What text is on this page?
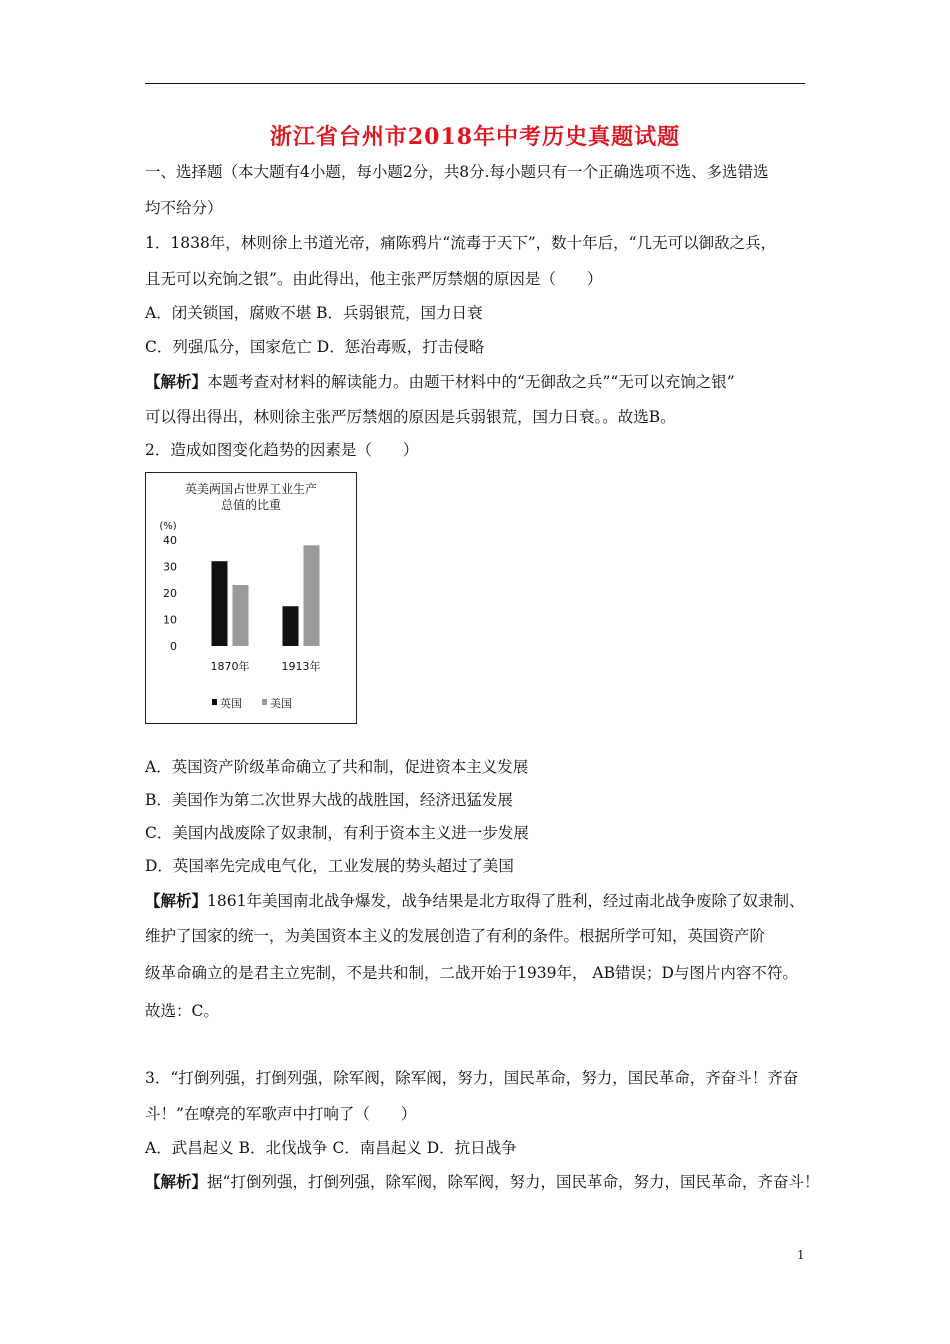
浙江省台州市2018年中考历史真题试题
一、选择题（本大题有4小题，每小题2分，共8分.每小题只有一个正确选项不选、多选错选
均不给分）
1．1838年，林则徐上书道光帝，痛陈鸦片“流毒于天下”，数十年后，“几无可以御敌之兵，
且无可以充饷之银”。由此得出，他主张严厉禁烟的原因是（　　）
A．闭关锁国，腐败不堪 B．兵弱银荒，国力日衰
C．列强瓜分，国家危亡 D．惩治毒贩，打击侵略
【解析】本题考查对材料的解读能力。由题干材料中的“无御敌之兵”“无可以充饷之银”
可以得出得出，林则徐主张严厉禁烟的原因是兵弱银荒，国力日衰。。故选B。
2．造成如图变化趋势的因素是（　　）
英美两国占世界工业生产
总值的比重
(%)
40
30
20
10
0
1870年	1913年
英国	美国
A．英国资产阶级革命确立了共和制，促进资本主义发展
B．美国作为第二次世界大战的战胜国，经济迅猛发展
C．美国内战废除了奴隶制，有利于资本主义进一步发展
D．英国率先完成电气化，工业发展的势头超过了美国
【解析】1861年美国南北战争爆发，战争结果是北方取得了胜利，经过南北战争废除了奴隶制、
维护了国家的统一，为美国资本主义的发展创造了有利的条件。根据所学可知，英国资产阶
级革命确立的是君主立宪制，不是共和制，二战开始于1939年， AB错误；D与图片内容不符。
故选：C。
3．“打倒列强，打倒列强，除军阀，除军阀，努力，国民革命，努力，国民革命，齐奋斗！齐奋
斗！”在嘹亮的军歌声中打响了（　　）
A．武昌起义 B．北伐战争 C．南昌起义 D．抗日战争
【解析】据“打倒列强，打倒列强，除军阀，除军阀，努力，国民革命，努力，国民革命，齐奋斗！
1
